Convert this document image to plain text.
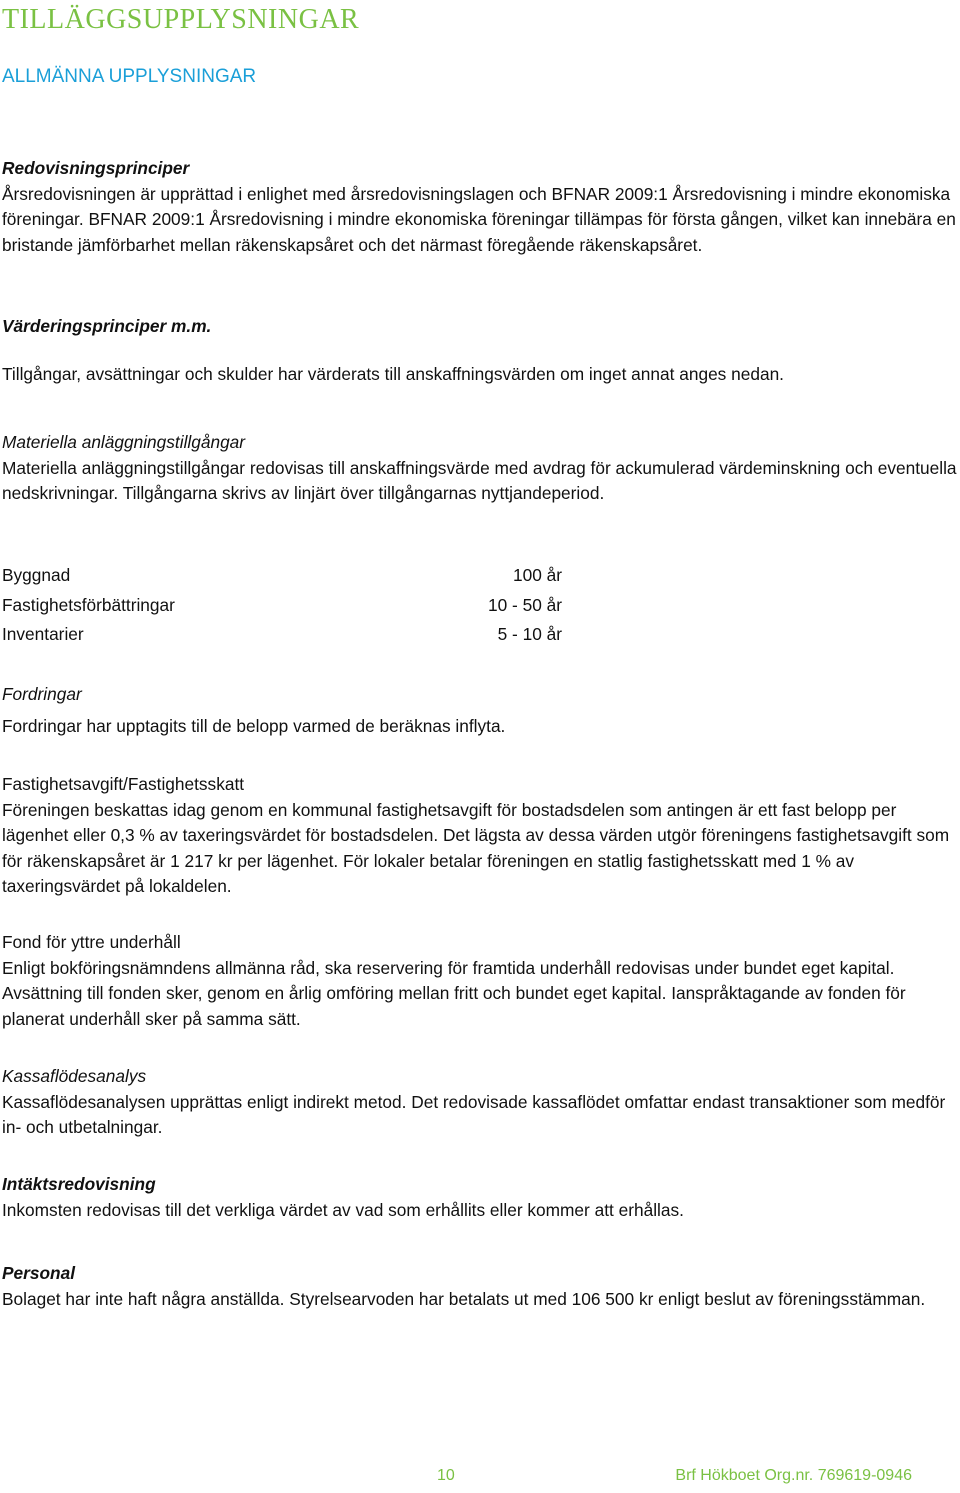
TILLÄGGSUPPLYSNINGAR
ALLMÄNNA UPPLYSNINGAR

Redovisningsprinciper

Årsredovisningen är upprättad i enlighet med årsredovisningslagen och BFNAR 2009:1 Årsredovisning i mindre ekonomiska föreningar. BFNAR 2009:1 Årsredovisning i mindre ekonomiska föreningar tillämpas för första gången, vilket kan innebära en bristande jämförbarhet mellan räkenskapsåret och det närmast föregående räkenskapsåret.

Värderingsprinciper m.m.

Tillgångar, avsättningar och skulder har värderats till anskaffningsvärden om inget annat anges nedan.

Materiella anläggningstillgångar

Materiella anläggningstillgångar redovisas till anskaffningsvärde med avdrag för ackumulerad värdeminskning och eventuella nedskrivningar. Tillgångarna skrivs av linjärt över tillgångarnas nyttjandeperiod.

Byggnad	100 år
Fastighetsförbättringar	10 - 50 år
Inventarier	5 - 10 år

Fordringar

Fordringar har upptagits till de belopp varmed de beräknas inflyta.

Fastighetsavgift/Fastighetsskatt

Föreningen beskattas idag genom en kommunal fastighetsavgift för bostadsdelen som antingen är ett fast belopp per lägenhet eller 0,3 % av taxeringsvärdet för bostadsdelen. Det lägsta av dessa värden utgör föreningens fastighetsavgift som för räkenskapsåret är 1 217 kr per lägenhet. För lokaler betalar föreningen en statlig fastighetsskatt med 1 % av taxeringsvärdet på lokaldelen.

Fond för yttre underhåll

Enligt bokföringsnämndens allmänna råd, ska reservering för framtida underhåll redovisas under bundet eget kapital. Avsättning till fonden sker, genom en årlig omföring mellan fritt och bundet eget kapital. Ianspråktagande av fonden för planerat underhåll sker på samma sätt.

Kassaflödesanalys

Kassaflödesanalysen upprättas enligt indirekt metod. Det redovisade kassaflödet omfattar endast transaktioner som medför in- och utbetalningar.

Intäktsredovisning

Inkomsten redovisas till det verkliga värdet av vad som erhållits eller kommer att erhållas.

Personal

Bolaget har inte haft några anställda. Styrelsearvoden har betalats ut med 106 500 kr enligt beslut av föreningsstämman.

10	Brf Hökboet Org.nr. 769619-0946
